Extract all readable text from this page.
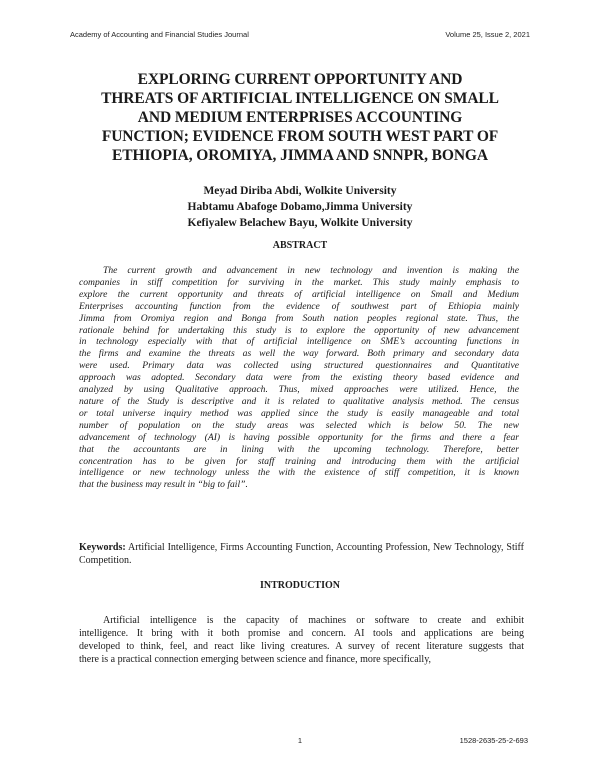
Academy of Accounting and Financial Studies Journal	Volume 25, Issue 2, 2021
EXPLORING CURRENT OPPORTUNITY AND
THREATS OF ARTIFICIAL INTELLIGENCE ON SMALL
AND MEDIUM ENTERPRISES ACCOUNTING
FUNCTION; EVIDENCE FROM SOUTH WEST PART OF
ETHIOPIA, OROMIYA, JIMMA AND SNNPR, BONGA
Meyad Diriba Abdi, Wolkite University
Habtamu Abafoge Dobamo,Jimma University
Kefiyalew Belachew Bayu, Wolkite University
ABSTRACT
The current growth and advancement in new technology and invention is making the
companies in stiff competition for surviving in the market. This study mainly emphasis to
explore the current opportunity and threats of artificial intelligence on Small and Medium
Enterprises accounting function from the evidence of southwest part of Ethiopia mainly
Jimma from Oromiya region and Bonga from South nation peoples regional state. Thus, the
rationale behind for undertaking this study is to explore the opportunity of new advancement
in technology especially with that of artificial intelligence on SME’s accounting functions in
the firms and examine the threats as well the way forward. Both primary and secondary data
were used. Primary data was collected using structured questionnaires and Quantitative
approach was adopted. Secondary data were from the existing theory based evidence and
analyzed by using Qualitative approach. Thus, mixed approaches were utilized. Hence, the
nature of the Study is descriptive and it is related to qualitative analysis method. The census
or total universe inquiry method was applied since the study is easily manageable and total
number of population on the study areas was selected which is below 50. The new
advancement of technology (AI) is having possible opportunity for the firms and there a fear
that the accountants are in lining with the upcoming technology. Therefore, better
concentration has to be given for staff training and introducing them with the artificial
intelligence or new technology unless the with the existence of stiff competition, it is known
that the business may result in “big to fail”.
Keywords: Artificial Intelligence, Firms Accounting Function, Accounting Profession, New Technology, Stiff Competition.
INTRODUCTION
Artificial intelligence is the capacity of machines or software to create and exhibit
intelligence. It bring with it both promise and concern. AI tools and applications are being
developed to think, feel, and react like living creatures. A survey of recent literature suggests that
there is a practical connection emerging between science and finance, more specifically,
1	1528-2635-25-2-693
